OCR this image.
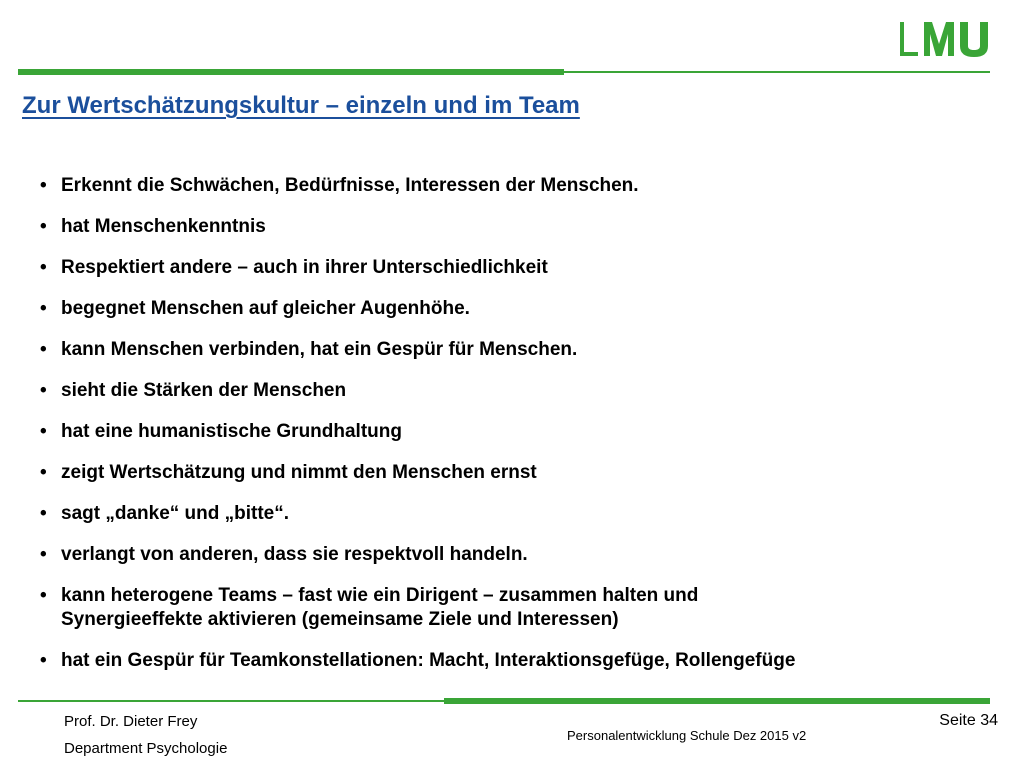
Zur Wertschätzungskultur – einzeln und im Team
• Erkennt die Schwächen, Bedürfnisse, Interessen der Menschen.
• hat Menschenkenntnis
• Respektiert andere – auch in ihrer Unterschiedlichkeit
• begegnet Menschen auf gleicher Augenhöhe.
• kann Menschen verbinden, hat ein Gespür für Menschen.
• sieht die Stärken der Menschen
• hat eine humanistische Grundhaltung
• zeigt Wertschätzung und nimmt den Menschen ernst
• sagt „danke“ und „bitte“.
• verlangt von anderen, dass sie respektvoll handeln.
• kann heterogene Teams – fast wie ein Dirigent – zusammen halten und
Synergieeffekte aktivieren (gemeinsame Ziele und Interessen)
• hat ein Gespür für Teamkonstellationen: Macht, Interaktionsgefüge, Rollengefüge
Prof. Dr. Dieter Frey
Department Psychologie
Personalentwicklung Schule Dez 2015 v2
Seite 34
